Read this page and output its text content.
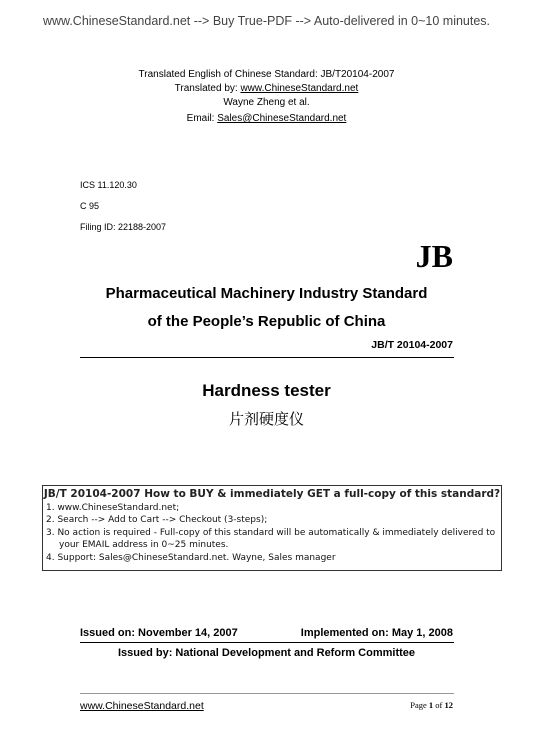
www.ChineseStandard.net --> Buy True-PDF --> Auto-delivered in 0~10 minutes.
Translated English of Chinese Standard: JB/T20104-2007
Translated by: www.ChineseStandard.net
Wayne Zheng et al.
Email: Sales@ChineseStandard.net
ICS 11.120.30
C 95
Filing ID: 22188-2007
JB
Pharmaceutical Machinery Industry Standard
of the People’s Republic of China
JB/T 20104-2007
Hardness tester
片剂硬度仪
JB/T 20104-2007 How to BUY & immediately GET a full-copy of this standard?
1. www.ChineseStandard.net;
2. Search --> Add to Cart --> Checkout (3-steps);
3. No action is required - Full-copy of this standard will be automatically & immediately delivered to
your EMAIL address in 0~25 minutes.
4. Support: Sales@ChineseStandard.net. Wayne, Sales manager
Issued on: November 14, 2007	Implemented on: May 1, 2008
Issued by: National Development and Reform Committee
www.ChineseStandard.net	Page 1 of 12
